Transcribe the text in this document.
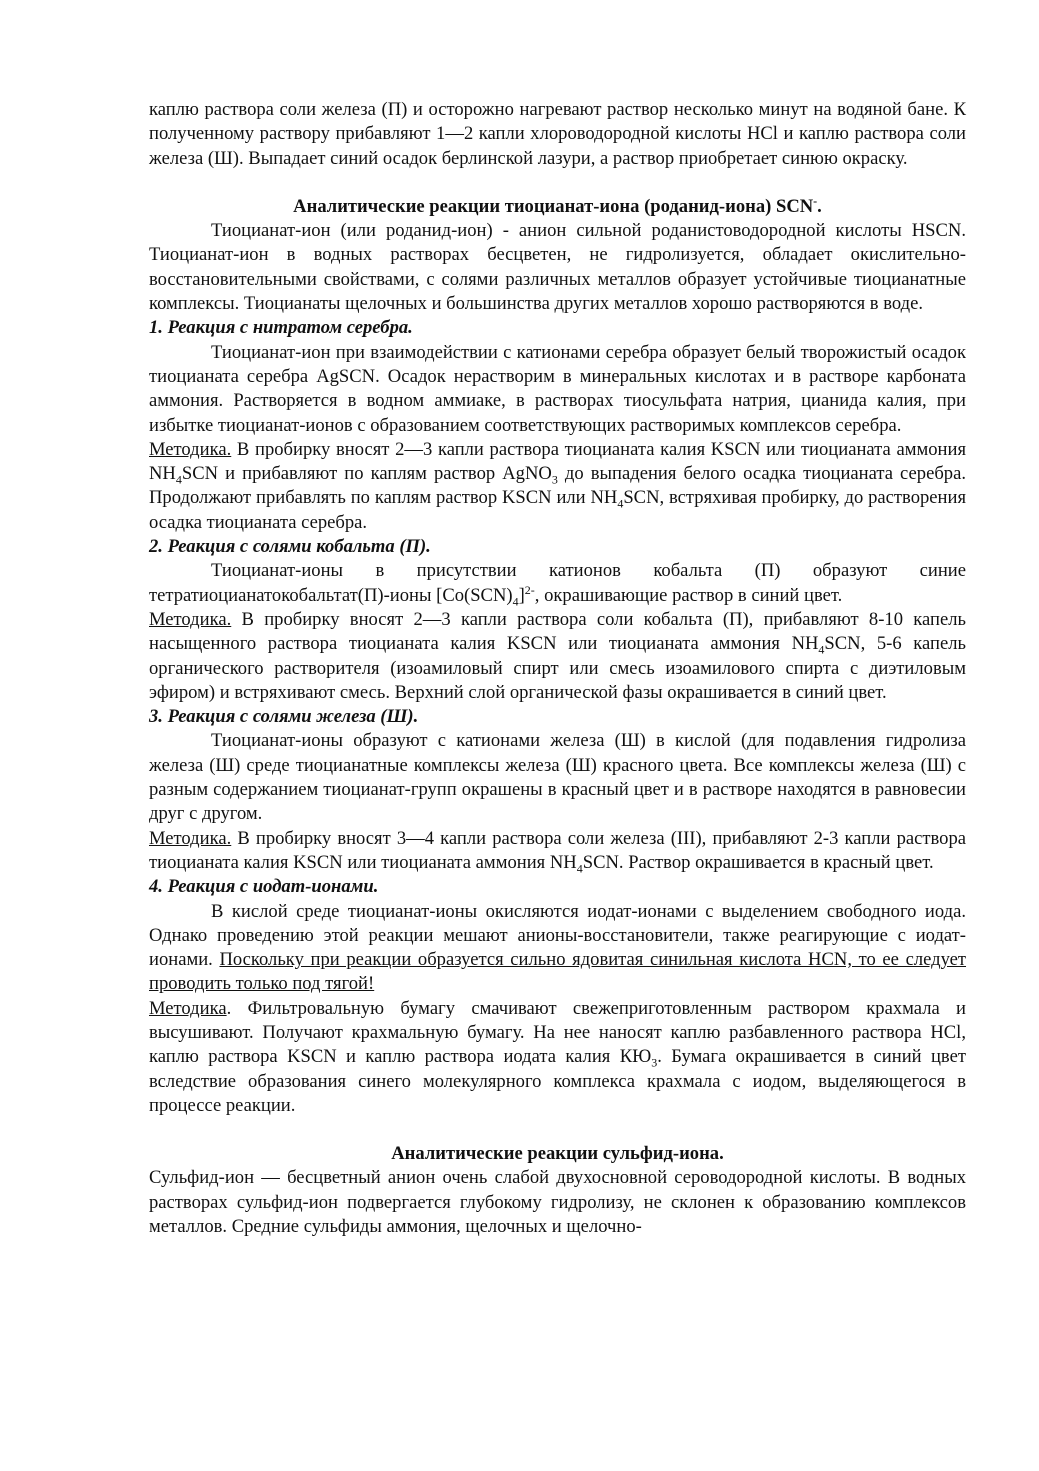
каплю раствора соли железа (П) и осторожно нагревают раствор несколько минут на водяной бане. К полученному раствору прибавляют 1—2 капли хлороводородной кислоты HCl и каплю раствора соли железа (Ш). Выпадает синий осадок берлинской лазури, а раствор приобретает синюю окраску.

Аналитические реакции тиоцианат-иона (роданид-иона) SCN-.

Тиоцианат-ион (или роданид-ион) - анион сильной роданистоводородной кислоты HSCN. Тиоцианат-ион в водных растворах бесцветен, не гидролизуется, обладает окислительно-восстановительными свойствами, с солями различных металлов образует устойчивые тиоцианатные комплексы. Тиоцианаты щелочных и большинства других металлов хорошо растворяются в воде.

1. Реакция с нитратом серебра.

Тиоцианат-ион при взаимодействии с катионами серебра образует белый творожистый осадок тиоцианата серебра AgSCN. Осадок нерастворим в минеральных кислотах и в растворе карбоната аммония. Растворяется в водном аммиаке, в растворах тиосульфата натрия, цианида калия, при избытке тиоцианат-ионов с образованием соответствующих растворимых комплексов серебра.

Методика. В пробирку вносят 2—3 капли раствора тиоцианата калия KSCN или тиоцианата аммония $NH_4SCN$ и прибавляют по каплям раствор AgNO$_3$ до выпадения белого осадка тиоцианата серебра. Продолжают прибавлять по каплям раствор KSCN или $NH_4SCN$, встряхивая пробирку, до растворения осадка тиоцианата серебра.

2. Реакция с солями кобальта (П).

Тиоцианат-ионы в присутствии катионов кобальта (П) образуют синие тетратиоцианатокобальтат(П)-ионы $[Co(SCN)_4]^{2-}$, окрашивающие раствор в синий цвет.

Методика. В пробирку вносят 2—3 капли раствора соли кобальта (П), прибавляют 8-10 капель насыщенного раствора тиоцианата калия KSCN или тиоцианата аммония $NH_4SCN$, 5-6 капель органического растворителя (изоамиловый спирт или смесь изоамилового спирта с диэтиловым эфиром) и встряхивают смесь. Верхний слой органической фазы окрашивается в синий цвет.

3. Реакция с солями железа (Ш).

Тиоцианат-ионы образуют с катионами железа (Ш) в кислой (для подавления гидролиза железа (Ш) среде тиоцианатные комплексы железа (Ш) красного цвета. Все комплексы железа (Ш) с разным содержанием тиоцианат-групп окрашены в красный цвет и в растворе находятся в равновесии друг с другом.

Методика. В пробирку вносят 3—4 капли раствора соли железа (III), прибавляют 2-3 капли раствора тиоцианата калия KSCN или тиоцианата аммония $NH_4SCN$. Раствор окрашивается в красный цвет.

4. Реакция с иодат-ионами.

В кислой среде тиоцианат-ионы окисляются иодат-ионами с выделением свободного иода. Однако проведению этой реакции мешают анионы-восстановители, также реагирующие с иодат-ионами. Поскольку при реакции образуется сильно ядовитая синильная кислота HCN, то ее следует проводить только под тягой!

Методика. Фильтровальную бумагу смачивают свежеприготовленным раствором крахмала и высушивают. Получают крахмальную бумагу. На нее наносят каплю разбавленного раствора HCl, каплю раствора KSCN и каплю раствора иодата калия $КЮ_3$. Бумага окрашивается в синий цвет вследствие образования синего молекулярного комплекса крахмала с иодом, выделяющегося в процессе реакции.

Аналитические реакции сульфид-иона.

Сульфид-ион — бесцветный анион очень слабой двухосновной сероводородной кислоты. В водных растворах сульфид-ион подвергается глубокому гидролизу, не склонен к образованию комплексов металлов. Средние сульфиды аммония, щелочных и щелочно-
